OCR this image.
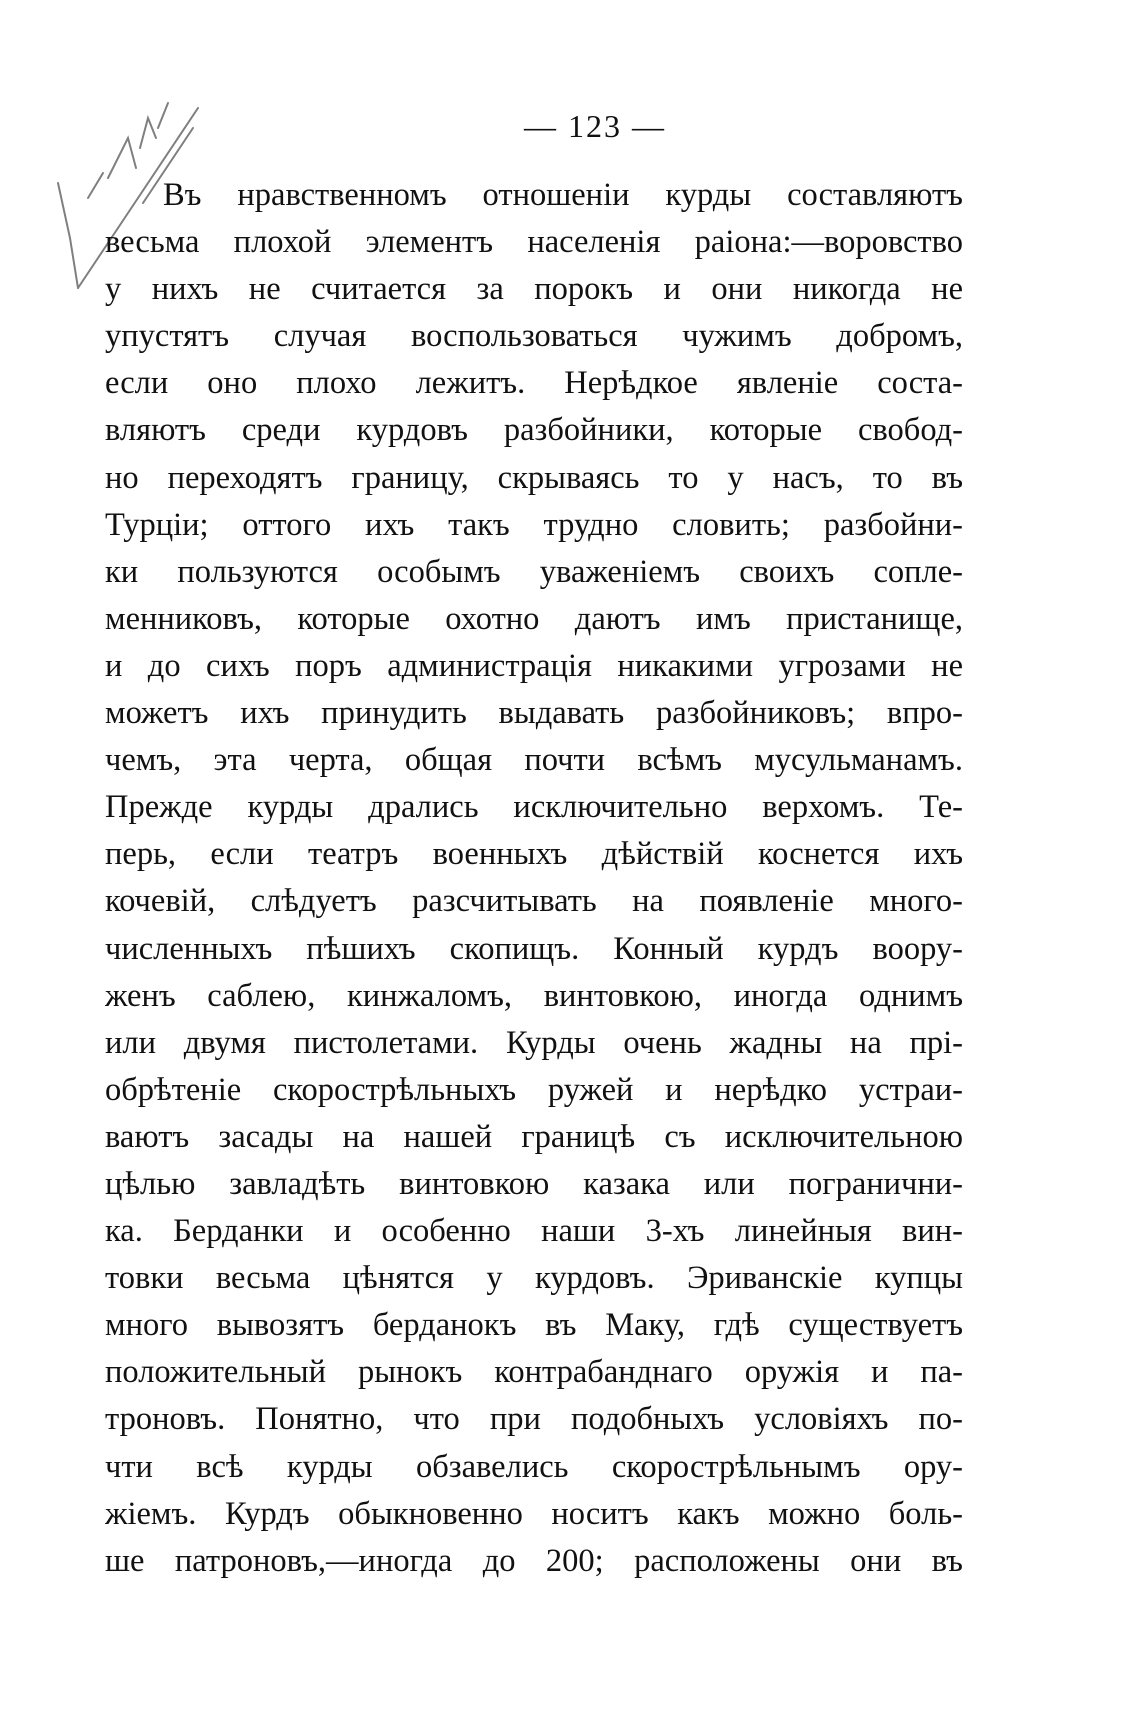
— 123 —
Въ нравственномъ отношеніи курды составляютъ
весьма плохой элементъ населенія раіона:—воровство
у нихъ не считается за порокъ и они никогда не
упустятъ случая воспользоваться чужимъ добромъ,
если оно плохо лежитъ. Нерѣдкое явленіе соста-
вляютъ среди курдовъ разбойники, которые свобод-
но переходятъ границу, скрываясь то у насъ, то въ
Турціи; оттого ихъ такъ трудно словить; разбойни-
ки пользуются особымъ уваженіемъ своихъ сопле-
менниковъ, которые охотно даютъ имъ пристанище,
и до сихъ поръ администрація никакими угрозами не
можетъ ихъ принудить выдавать разбойниковъ; впро-
чемъ, эта черта, общая почти всѣмъ мусульманамъ.
Прежде курды дрались исключительно верхомъ. Те-
перь, если театръ военныхъ дѣйствій коснется ихъ
кочевій, слѣдуетъ разсчитывать на появленіе много-
численныхъ пѣшихъ скопищъ. Конный курдъ воору-
женъ саблею, кинжаломъ, винтовкою, иногда однимъ
или двумя пистолетами. Курды очень жадны на прі-
обрѣтеніе скорострѣльныхъ ружей и нерѣдко устраи-
ваютъ засады на нашей границѣ съ исключительною
цѣлью завладѣть винтовкою казака или погранични-
ка. Берданки и особенно наши 3-хъ линейныя вин-
товки весьма цѣнятся у курдовъ. Эриванскіе купцы
много вывозятъ берданокъ въ Маку, гдѣ существуетъ
положительный рынокъ контрабанднаго оружія и па-
троновъ. Понятно, что при подобныхъ условіяхъ по-
чти всѣ курды обзавелись скорострѣльнымъ ору-
жіемъ. Курдъ обыкновенно носитъ какъ можно боль-
ше патроновъ,—иногда до 200; расположены они въ
